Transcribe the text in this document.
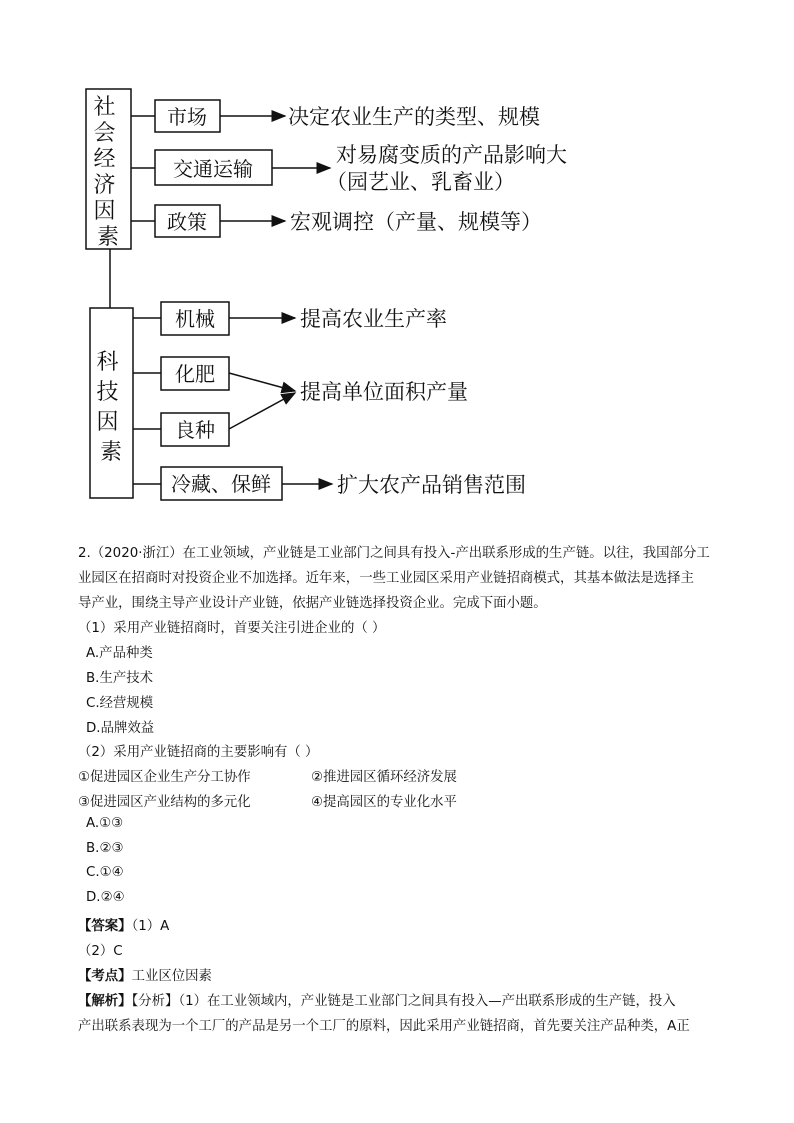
社 会 经 济 因 素
市场	决定农业生产的类型、规模
交通运输
对易腐变质的产品影响大
（园艺业、乳畜业）
政策	宏观调控（产量、规模等）
科 技 因 素
机械	提高农业生产率
化肥
良种
提高单位面积产量
冷藏、保鲜	扩大农产品销售范围
2.（2020·浙江）在工业领域，产业链是工业部门之间具有投入-产出联系形成的生产链。以往，我国部分工
业园区在招商时对投资企业不加选择。近年来，一些工业园区采用产业链招商模式，其基本做法是选择主
导产业，围绕主导产业设计产业链，依据产业链选择投资企业。完成下面小题。
（1）采用产业链招商时，首要关注引进企业的（ ）
A.产品种类
B.生产技术
C.经营规模
D.品牌效益
（2）采用产业链招商的主要影响有（ ）
①促进园区企业生产分工协作	②推进园区循环经济发展
③促进园区产业结构的多元化	④提高园区的专业化水平
A.①③
B.②③
C.①④
D.②④
【答案】（1）A
（2）C
【考点】工业区位因素
【解析】【分析】（1）在工业领域内，产业链是工业部门之间具有投入—产出联系形成的生产链，投入
产出联系表现为一个工厂的产品是另一个工厂的原料，因此采用产业链招商，首先要关注产品种类，A正
